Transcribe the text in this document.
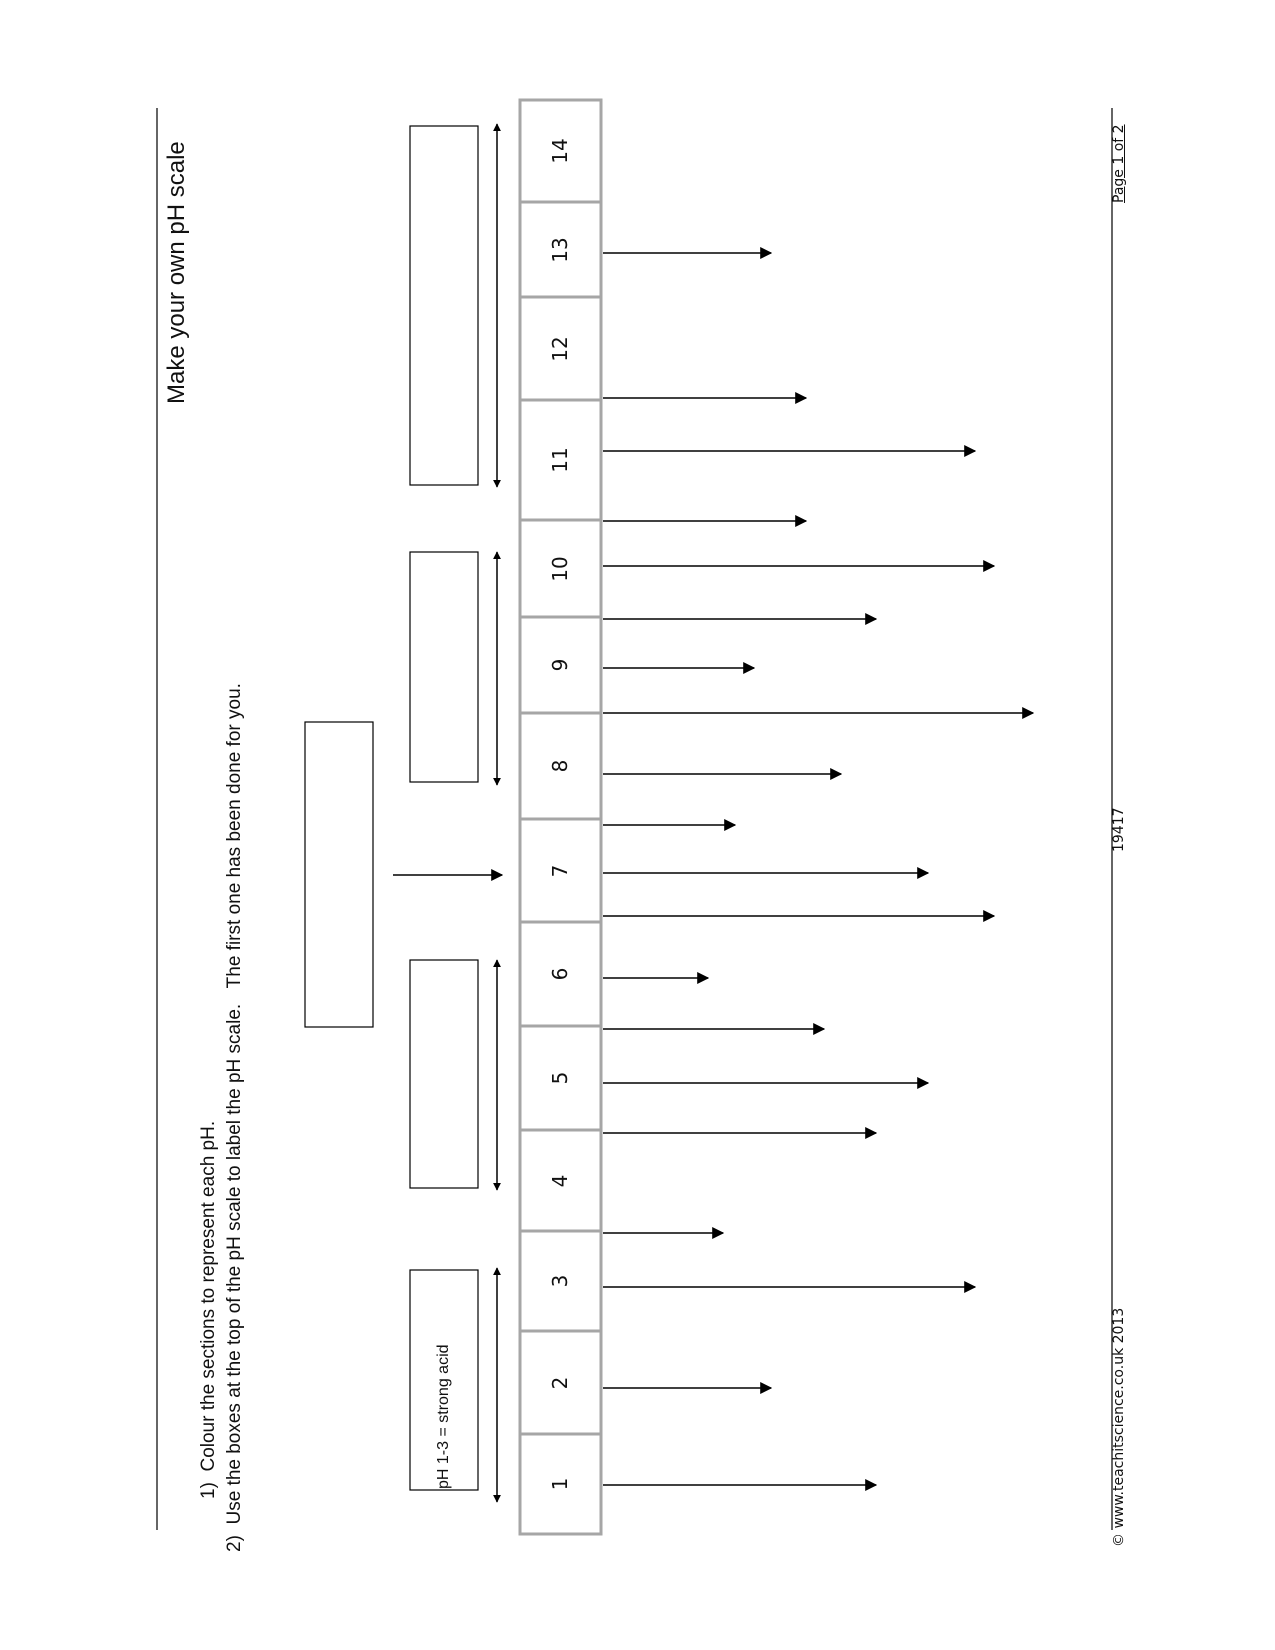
Make your own pH scale
1)  Colour the sections to represent each pH.
2)  Use the boxes at the top of the pH scale to label the pH scale.   The first one has been done for you.	pH 1-3 = strong acid	1
2
3
4
5
6
7
8
9
10
11
12
13
14
© www.teachitscience.co.uk 2013
19417
Page 1 of 2
